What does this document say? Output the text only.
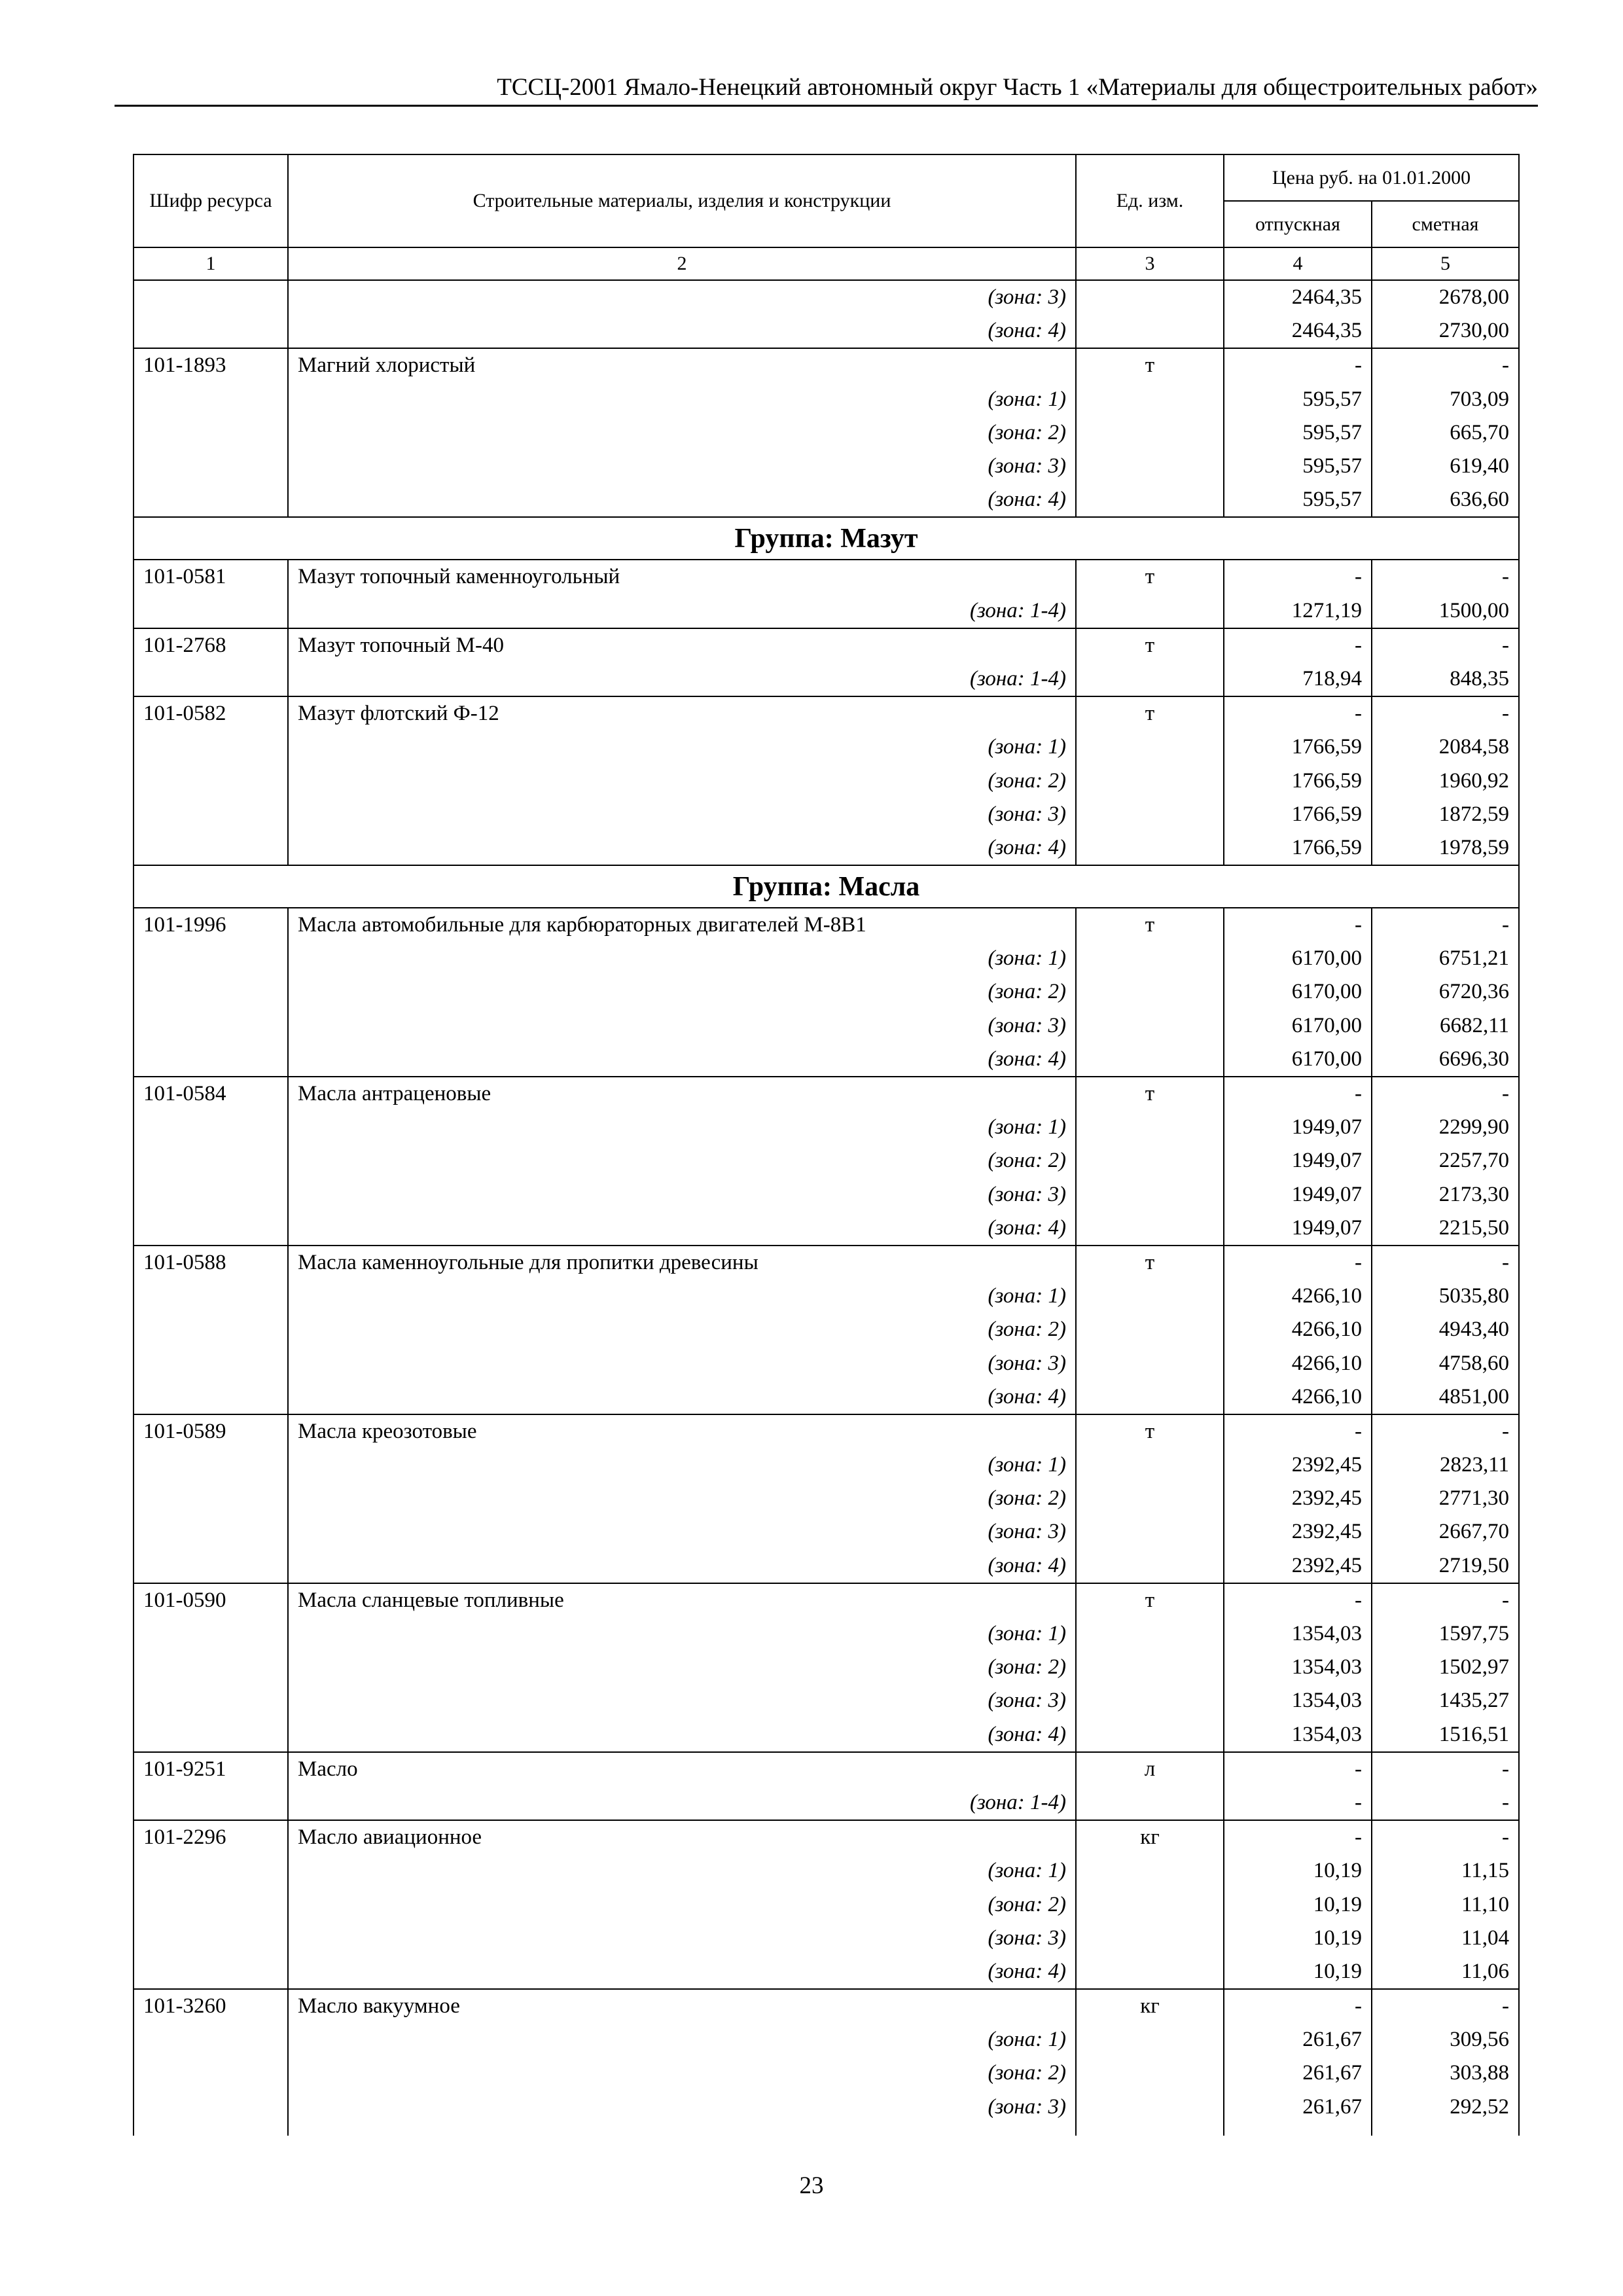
ТССЦ-2001 Ямало-Ненецкий автономный округ Часть 1 «Материалы для общестроительных работ»
Шифр ресурса	Строительные материалы, изделия и конструкции	Ед. изм.	Цена руб. на 01.01.2000	
			отпускная	сметная
1	2	3	4	5

	(зона: 3)		2464,35	2678,00

	(зона: 4)		2464,35	2730,00
101-1893	Магний хлористый	т	-	-

	(зона: 1)		595,57	703,09

	(зона: 2)		595,57	665,70

	(зона: 3)		595,57	619,40

	(зона: 4)		595,57	636,60
Группа: Мазут				
101-0581	Мазут топочный каменноугольный	т	-	-

	(зона: 1-4)		1271,19	1500,00
101-2768	Мазут топочный М-40	т	-	-

	(зона: 1-4)		718,94	848,35
101-0582	Мазут флотский Ф-12	т	-	-

	(зона: 1)		1766,59	2084,58

	(зона: 2)		1766,59	1960,92

	(зона: 3)		1766,59	1872,59

	(зона: 4)		1766,59	1978,59
Группа: Масла				
101-1996	Масла автомобильные для карбюраторных двигателей М-8В1	т	-	-

	(зона: 1)		6170,00	6751,21

	(зона: 2)		6170,00	6720,36

	(зона: 3)		6170,00	6682,11

	(зона: 4)		6170,00	6696,30
101-0584	Масла антраценовые	т	-	-

	(зона: 1)		1949,07	2299,90

	(зона: 2)		1949,07	2257,70

	(зона: 3)		1949,07	2173,30

	(зона: 4)		1949,07	2215,50
101-0588	Масла каменноугольные для пропитки древесины	т	-	-

	(зона: 1)		4266,10	5035,80

	(зона: 2)		4266,10	4943,40

	(зона: 3)		4266,10	4758,60

	(зона: 4)		4266,10	4851,00
101-0589	Масла креозотовые	т	-	-

	(зона: 1)		2392,45	2823,11

	(зона: 2)		2392,45	2771,30

	(зона: 3)		2392,45	2667,70

	(зона: 4)		2392,45	2719,50
101-0590	Масла сланцевые топливные	т	-	-

	(зона: 1)		1354,03	1597,75

	(зона: 2)		1354,03	1502,97

	(зона: 3)		1354,03	1435,27

	(зона: 4)		1354,03	1516,51
101-9251	Масло	л	-	-

	(зона: 1-4)		-	-
101-2296	Масло авиационное	кг	-	-

	(зона: 1)		10,19	11,15

	(зона: 2)		10,19	11,10

	(зона: 3)		10,19	11,04

	(зона: 4)		10,19	11,06
101-3260	Масло вакуумное	кг	-	-

	(зона: 1)		261,67	309,56

	(зона: 2)		261,67	303,88

	(зона: 3)		261,67	292,52

23
